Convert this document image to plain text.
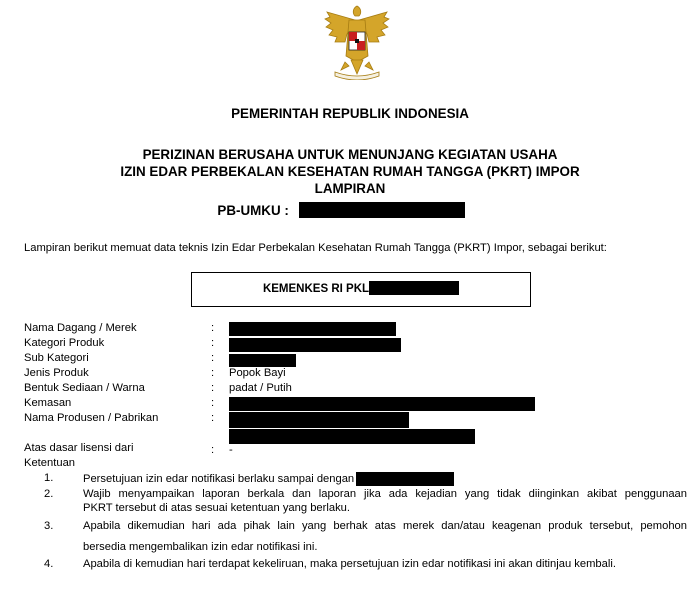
PEMERINTAH REPUBLIK INDONESIA
PERIZINAN BERUSAHA UNTUK MENUNJANG KEGIATAN USAHA
IZIN EDAR PERBEKALAN KESEHATAN RUMAH TANGGA (PKRT) IMPOR
LAMPIRAN
PB-UMKU :
Lampiran berikut memuat data teknis Izin Edar Perbekalan Kesehatan Rumah Tangga (PKRT) Impor, sebagai berikut:
KEMENKES RI PKL
Nama Dagang / Merek	:
Kategori Produk	:
Sub Kategori	:
Jenis Produk	: Popok Bayi
Bentuk Sediaan / Warna	: padat / Putih
Kemasan	:
Nama Produsen / Pabrikan	:
Atas dasar lisensi dari	: -
Ketentuan
1.	Persetujuan izin edar notifikasi berlaku sampai dengan
2.	Wajib menyampaikan laporan berkala dan laporan jika ada kejadian yang tidak diinginkan akibat penggunaan
PKRT tersebut di atas sesuai ketentuan yang berlaku.
3.	Apabila dikemudian hari ada pihak lain yang berhak atas merek dan/atau keagenan produk tersebut, pemohon
bersedia mengembalikan izin edar notifikasi ini.
4.	Apabila di kemudian hari terdapat kekeliruan, maka persetujuan izin edar notifikasi ini akan ditinjau kembali.
